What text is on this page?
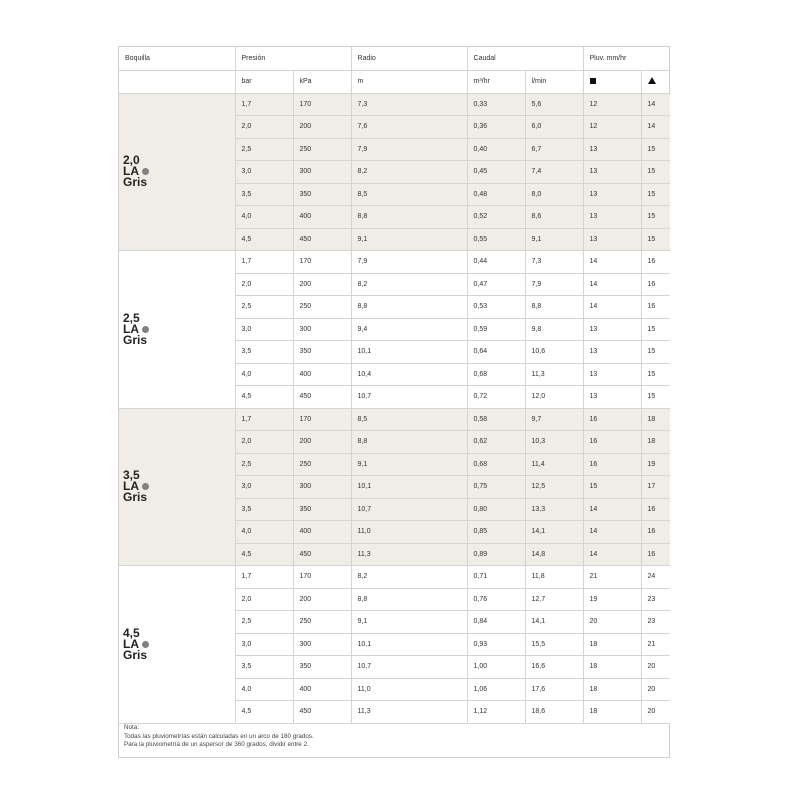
Boquilla	Presión		Radio	Caudal		Pluv. mm/hr	
	bar	kPa	m	m³/hr	l/min		

2,0
LA
Gris	1,7	170	7,3	0,33	5,6	12	14
	2,0	200	7,6	0,36	6,0	12	14
	2,5	250	7,9	0,40	6,7	13	15
	3,0	300	8,2	0,45	7,4	13	15
	3,5	350	8,5	0,48	8,0	13	15
	4,0	400	8,8	0,52	8,6	13	15
	4,5	450	9,1	0,55	9,1	13	15

2,5
LA
Gris	1,7	170	7,9	0,44	7,3	14	16
	2,0	200	8,2	0,47	7,9	14	16
	2,5	250	8,8	0,53	8,8	14	16
	3,0	300	9,4	0,59	9,8	13	15
	3,5	350	10,1	0,64	10,6	13	15
	4,0	400	10,4	0,68	11,3	13	15
	4,5	450	10,7	0,72	12,0	13	15

3,5
LA
Gris	1,7	170	8,5	0,58	9,7	16	18
	2,0	200	8,8	0,62	10,3	16	18
	2,5	250	9,1	0,68	11,4	16	19
	3,0	300	10,1	0,75	12,5	15	17
	3,5	350	10,7	0,80	13,3	14	16
	4,0	400	11,0	0,85	14,1	14	16
	4,5	450	11,3	0,89	14,8	14	16

4,5
LA
Gris	1,7	170	8,2	0,71	11,8	21	24
	2,0	200	8,8	0,76	12,7	19	23
	2,5	250	9,1	0,84	14,1	20	23
	3,0	300	10,1	0,93	15,5	18	21
	3,5	350	10,7	1,00	16,6	18	20
	4,0	400	11,0	1,06	17,6	18	20
	4,5	450	11,3	1,12	18,6	18	20
Nota:
Todas las pluviometrías están calculadas en un arco de 180 grados.
Para la pluviometría de un aspersor de 360 grados, dividir entre 2.
